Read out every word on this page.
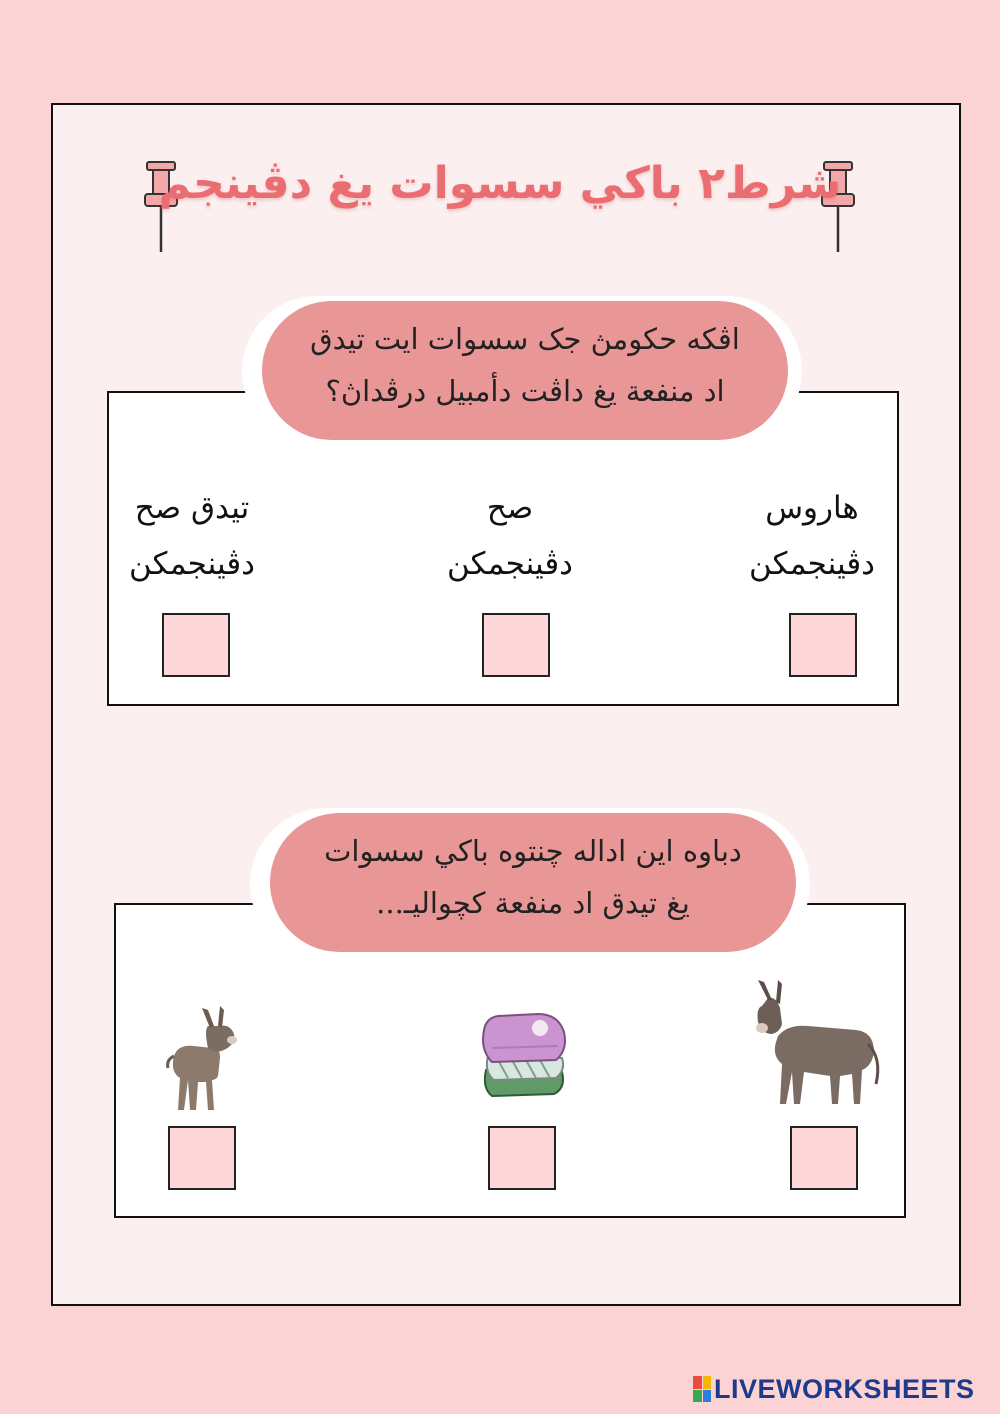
شرط٢ باكي سسوات يغ دڤينجم
اڤكه حكومڽ جک سسوات ايت تيدق
اد منفعة يغ داڤت دأمبيل درڤداڽ؟
هاروس
دڤينجمكن
صح
دڤينجمكن
تيدق صح
دڤينجمكن
دباوه اين اداله چنتوه باكي سسوات
يغ تيدق اد منفعة كچواليـ...
LIVEWORKSHEETS
